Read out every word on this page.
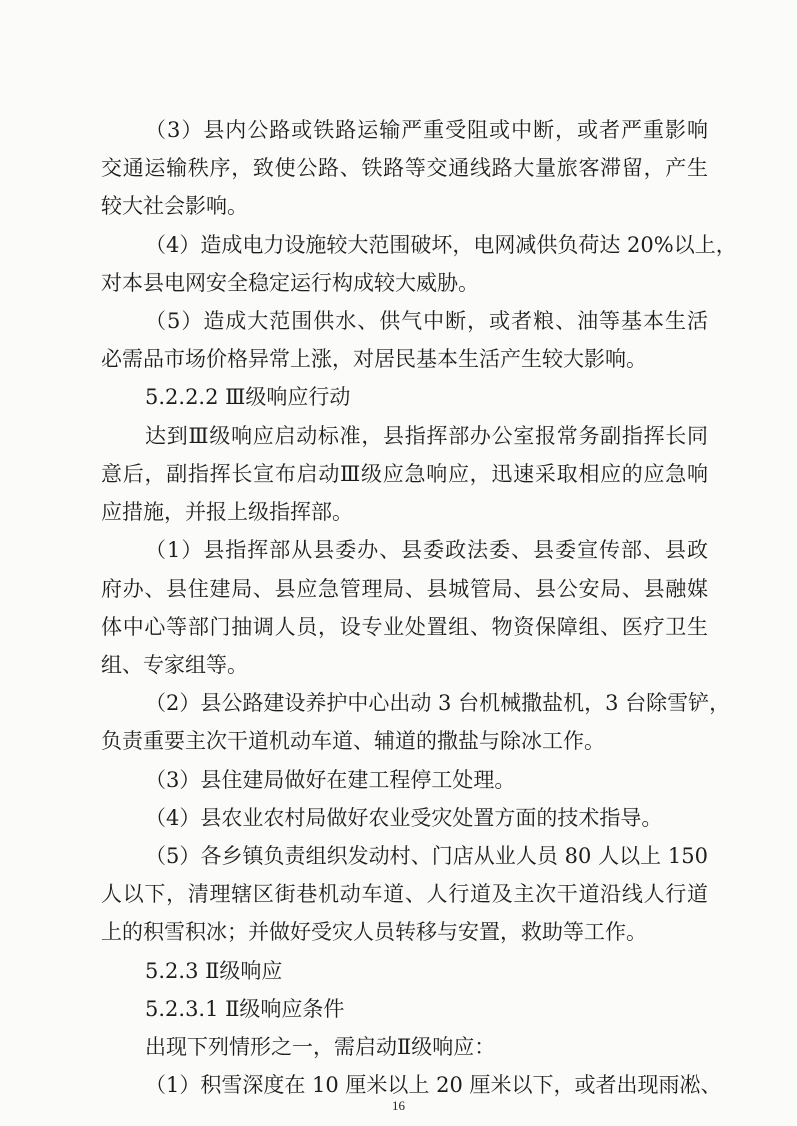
（3）县内公路或铁路运输严重受阻或中断，或者严重影响
交通运输秩序，致使公路、铁路等交通线路大量旅客滞留，产生
较大社会影响。
（4）造成电力设施较大范围破坏，电网减供负荷达 20%以上，
对本县电网安全稳定运行构成较大威胁。
（5）造成大范围供水、供气中断，或者粮、油等基本生活
必需品市场价格异常上涨，对居民基本生活产生较大影响。
5.2.2.2 Ⅲ级响应行动
达到Ⅲ级响应启动标准，县指挥部办公室报常务副指挥长同
意后，副指挥长宣布启动Ⅲ级应急响应，迅速采取相应的应急响
应措施，并报上级指挥部。
（1）县指挥部从县委办、县委政法委、县委宣传部、县政
府办、县住建局、县应急管理局、县城管局、县公安局、县融媒
体中心等部门抽调人员，设专业处置组、物资保障组、医疗卫生
组、专家组等。
（2）县公路建设养护中心出动 3 台机械撒盐机，3 台除雪铲，
负责重要主次干道机动车道、辅道的撒盐与除冰工作。
（3）县住建局做好在建工程停工处理。
（4）县农业农村局做好农业受灾处置方面的技术指导。
（5）各乡镇负责组织发动村、门店从业人员 80 人以上 150
人以下，清理辖区街巷机动车道、人行道及主次干道沿线人行道
上的积雪积冰；并做好受灾人员转移与安置，救助等工作。
5.2.3 Ⅱ级响应
5.2.3.1 Ⅱ级响应条件
出现下列情形之一，需启动Ⅱ级响应：
（1）积雪深度在 10 厘米以上 20 厘米以下，或者出现雨凇、
16
